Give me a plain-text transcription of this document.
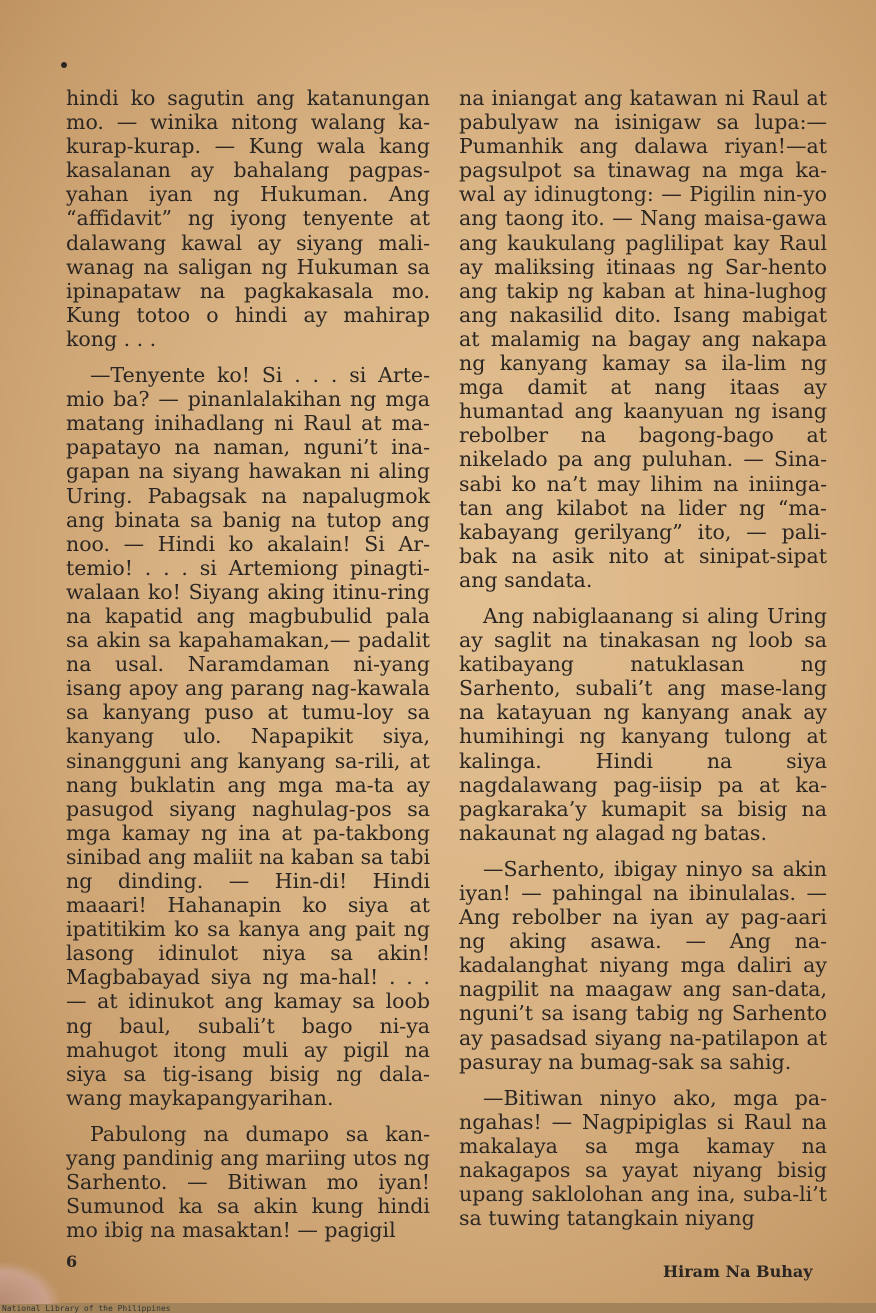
hindi ko sagutin ang katanungan mo. — winika nitong walang ka-kurap-kurap. — Kung wala kang kasalanan ay bahalang pagpas-yahan iyan ng Hukuman. Ang “affidavit” ng iyong tenyente at dalawang kawal ay siyang mali-wanag na saligan ng Hukuman sa ipinapataw na pagkakasala mo. Kung totoo o hindi ay mahirap kong . . .

—Tenyente ko! Si . . . si Arte-mio ba? — pinanlalakihan ng mga matang inihadlang ni Raul at ma-papatayo na naman, nguni’t ina-gapan na siyang hawakan ni aling Uring. Pabagsak na napalugmok ang binata sa banig na tutop ang noo. — Hindi ko akalain! Si Ar-temio! . . . si Artemiong pinagti-walaan ko! Siyang aking itinu-ring na kapatid ang magbubulid pala sa akin sa kapahamakan,— padalit na usal. Naramdaman ni-yang isang apoy ang parang nag-kawala sa kanyang puso at tumu-loy sa kanyang ulo. Napapikit siya, sinangguni ang kanyang sa-rili, at nang buklatin ang mga ma-ta ay pasugod siyang naghulag-pos sa mga kamay ng ina at pa-takbong sinibad ang maliit na kaban sa tabi ng dinding. — Hin-di! Hindi maaari! Hahanapin ko siya at ipatitikim ko sa kanya ang pait ng lasong idinulot niya sa akin! Magbabayad siya ng ma-hal! . . . — at idinukot ang kamay sa loob ng baul, subali’t bago ni-ya mahugot itong muli ay pigil na siya sa tig-isang bisig ng dala-wang maykapangyarihan.

Pabulong na dumapo sa kan-yang pandinig ang mariing utos ng Sarhento. — Bitiwan mo iyan! Sumunod ka sa akin kung hindi mo ibig na masaktan! — pagigil

na iniangat ang katawan ni Raul at pabulyaw na isinigaw sa lupa:— Pumanhik ang dalawa riyan!—at pagsulpot sa tinawag na mga ka-wal ay idinugtong: — Pigilin nin-yo ang taong ito. — Nang maisa-gawa ang kaukulang paglilipat kay Raul ay maliksing itinaas ng Sar-hento ang takip ng kaban at hina-lughog ang nakasilid dito. Isang mabigat at malamig na bagay ang nakapa ng kanyang kamay sa ila-lim ng mga damit at nang itaas ay humantad ang kaanyuan ng isang rebolber na bagong-bago at nikelado pa ang puluhan. — Sina-sabi ko na’t may lihim na iniinga-tan ang kilabot na lider ng “ma-kabayang gerilyang” ito, — pali-bak na asik nito at sinipat-sipat ang sandata.

Ang nabiglaanang si aling Uring ay saglit na tinakasan ng loob sa katibayang natuklasan ng Sarhento, subali’t ang mase-lang na katayuan ng kanyang anak ay humihingi ng kanyang tulong at kalinga. Hindi na siya nagdalawang pag-iisip pa at ka-pagkaraka’y kumapit sa bisig na nakaunat ng alagad ng batas.

—Sarhento, ibigay ninyo sa akin iyan! — pahingal na ibinulalas. —Ang rebolber na iyan ay pag-aari ng aking asawa. — Ang na-kadalanghat niyang mga daliri ay nagpilit na maagaw ang san-data, nguni’t sa isang tabig ng Sarhento ay pasadsad siyang na-patilapon at pasuray na bumag-sak sa sahig.

—Bitiwan ninyo ako, mga pa-ngahas! — Nagpipiglas si Raul na makalaya sa mga kamay na nakagapos sa yayat niyang bisig upang saklolohan ang ina, suba-li’t sa tuwing tatangkain niyang

6
Hiram Na Buhay
National Library of the Philippines
